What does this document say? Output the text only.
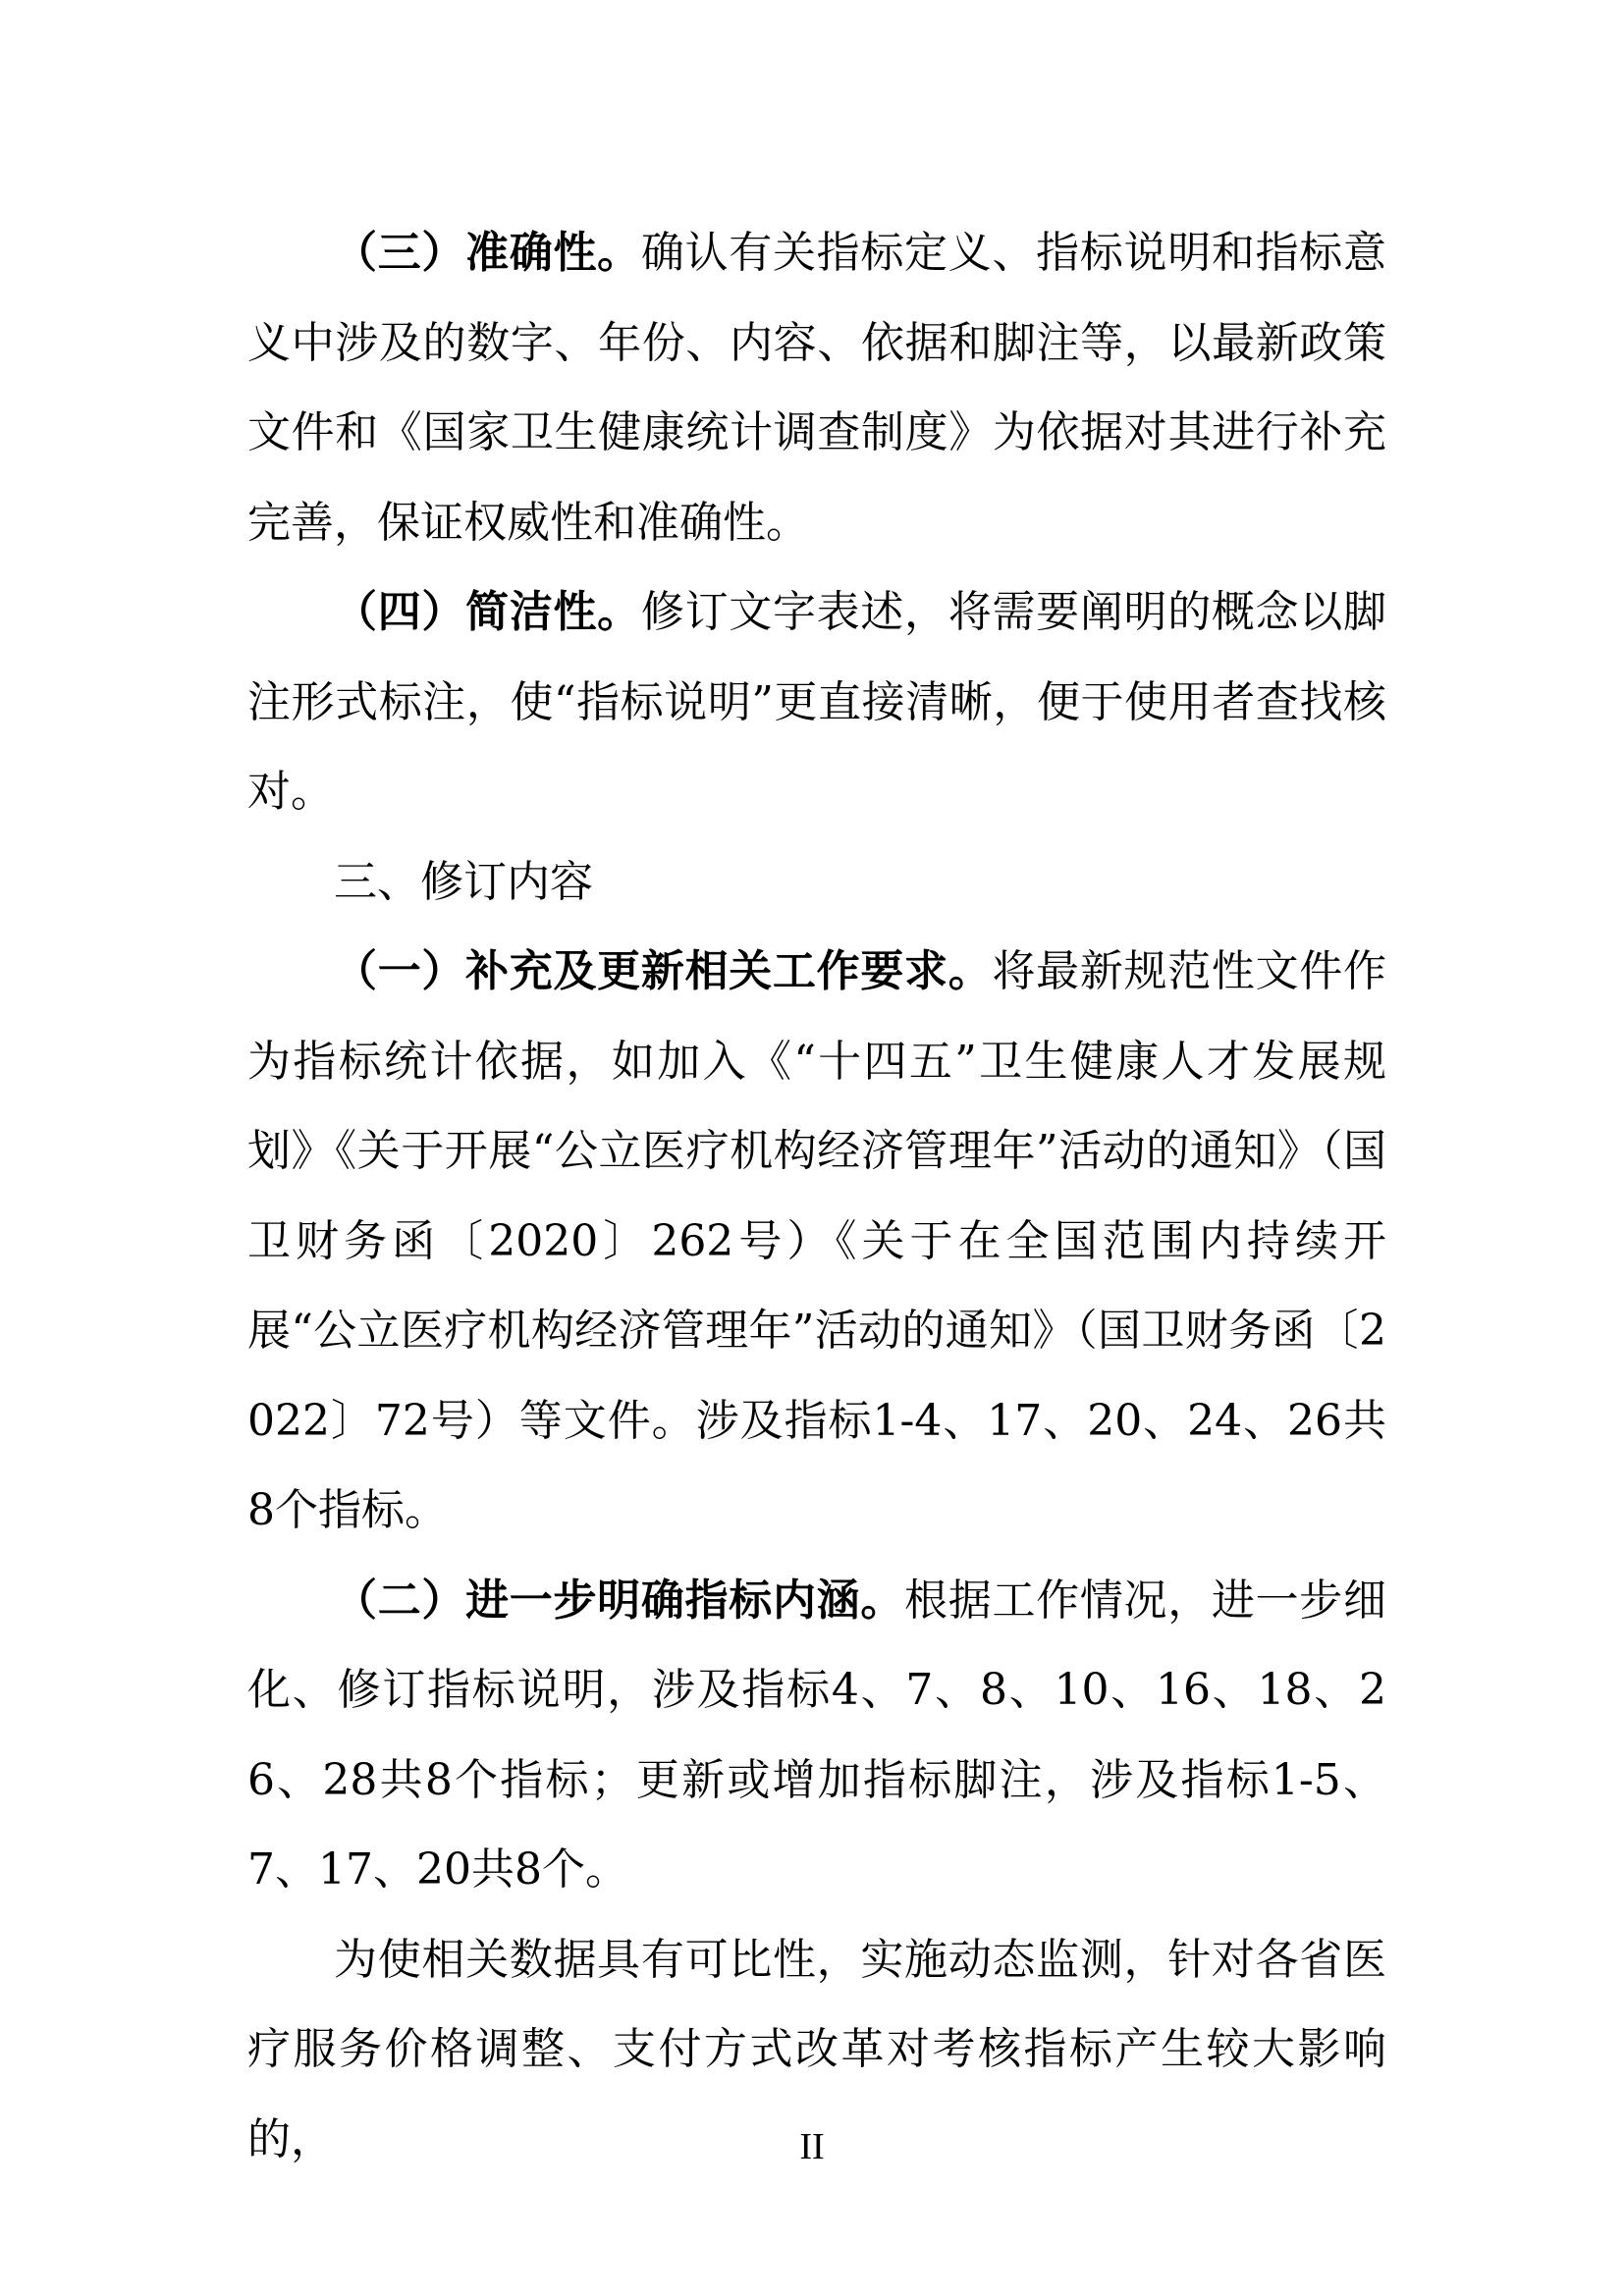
（三）准确性。确认有关指标定义、指标说明和指标意义中涉及的数字、年份、内容、依据和脚注等，以最新政策文件和《国家卫生健康统计调查制度》为依据对其进行补充完善，保证权威性和准确性。

（四）简洁性。修订文字表述，将需要阐明的概念以脚注形式标注，使“指标说明”更直接清晰，便于使用者查找核对。

三、修订内容

（一）补充及更新相关工作要求。将最新规范性文件作为指标统计依据，如加入《“十四五”卫生健康人才发展规划》《关于开展“公立医疗机构经济管理年”活动的通知》（国卫财务函〔2020〕262号）《关于在全国范围内持续开展“公立医疗机构经济管理年”活动的通知》（国卫财务函〔2022〕72号）等文件。涉及指标1-4、17、20、24、26共8个指标。

（二）进一步明确指标内涵。根据工作情况，进一步细化、修订指标说明，涉及指标4、7、8、10、16、18、26、28共8个指标；更新或增加指标脚注，涉及指标1-5、7、17、20共8个。

为使相关数据具有可比性，实施动态监测，针对各省医疗服务价格调整、支付方式改革对考核指标产生较大影响的，	II
